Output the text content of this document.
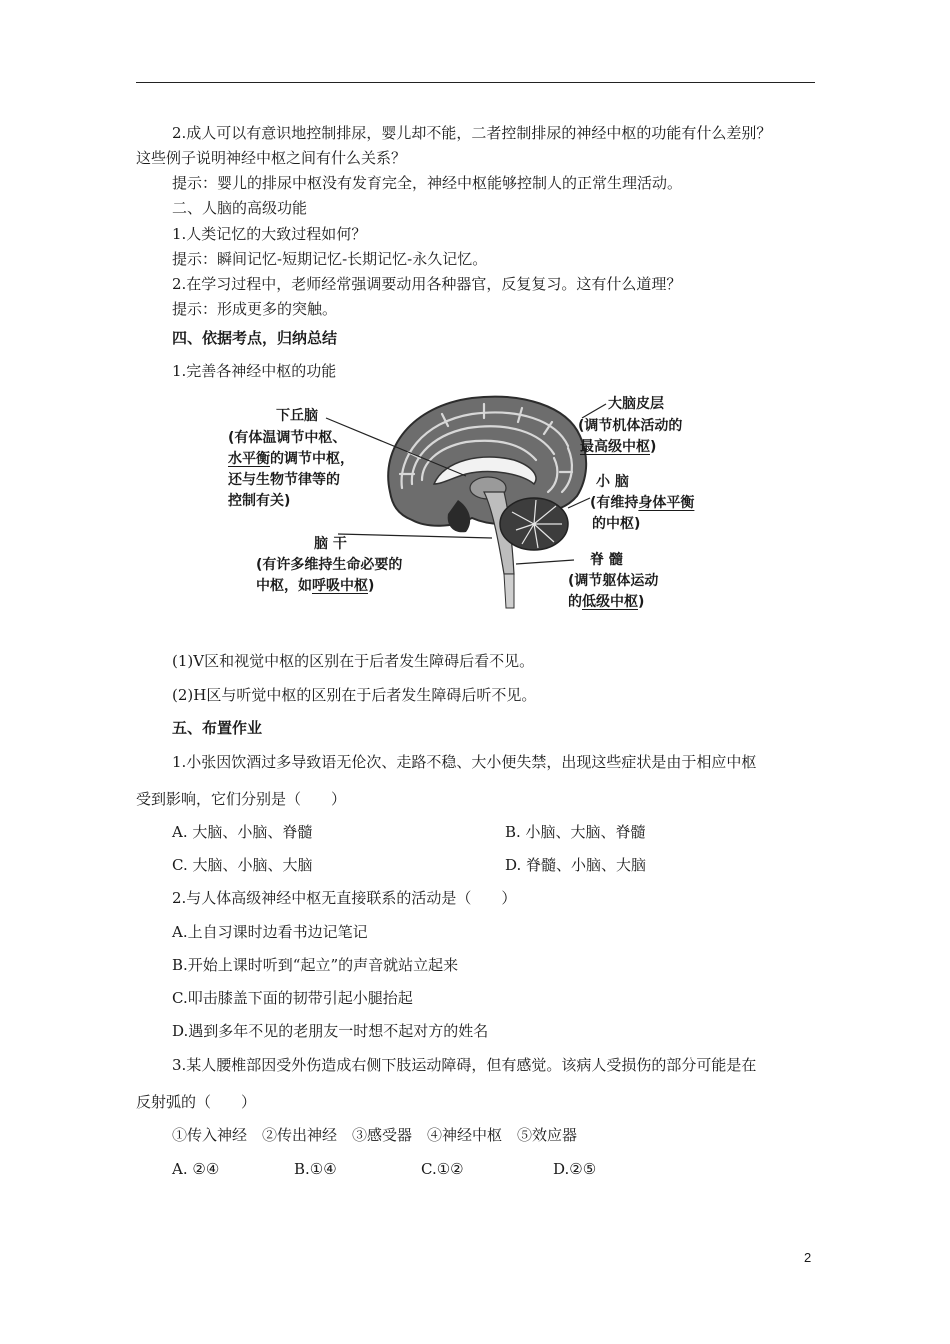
2.成人可以有意识地控制排尿，婴儿却不能，二者控制排尿的神经中枢的功能有什么差别？
这些例子说明神经中枢之间有什么关系？
提示：婴儿的排尿中枢没有发育完全，神经中枢能够控制人的正常生理活动。
二、人脑的高级功能
1.人类记忆的大致过程如何？
提示：瞬间记忆-短期记忆-长期记忆-永久记忆。
2.在学习过程中，老师经常强调要动用各种器官，反复复习。这有什么道理？
提示：形成更多的突触。
四、依据考点，归纳总结
1.完善各神经中枢的功能
下丘脑
(有体温调节中枢、
水平衡的调节中枢，
还与生物节律等的
控制有关)
大脑皮层
(调节机体活动的
最高级中枢)
小 脑
(有维持身体平衡
的中枢)
脑 干
(有许多维持生命必要的
中枢，如呼吸中枢)
脊 髓
(调节躯体运动
的低级中枢)
(1)V区和视觉中枢的区别在于后者发生障碍后看不见。
(2)H区与听觉中枢的区别在于后者发生障碍后听不见。
五、布置作业
1.小张因饮酒过多导致语无伦次、走路不稳、大小便失禁，出现这些症状是由于相应中枢
受到影响，它们分别是（　　）
A. 大脑、小脑、脊髓	B. 小脑、大脑、脊髓
C. 大脑、小脑、大脑	D. 脊髓、小脑、大脑
2.与人体高级神经中枢无直接联系的活动是（　　）
A.上自习课时边看书边记笔记
B.开始上课时听到“起立”的声音就站立起来
C.叩击膝盖下面的韧带引起小腿抬起
D.遇到多年不见的老朋友一时想不起对方的姓名
3.某人腰椎部因受外伤造成右侧下肢运动障碍，但有感觉。该病人受损伤的部分可能是在
反射弧的（　　）
①传入神经　②传出神经　③感受器　④神经中枢　⑤效应器
A. ②④	B.①④	C.①②	D.②⑤
2
